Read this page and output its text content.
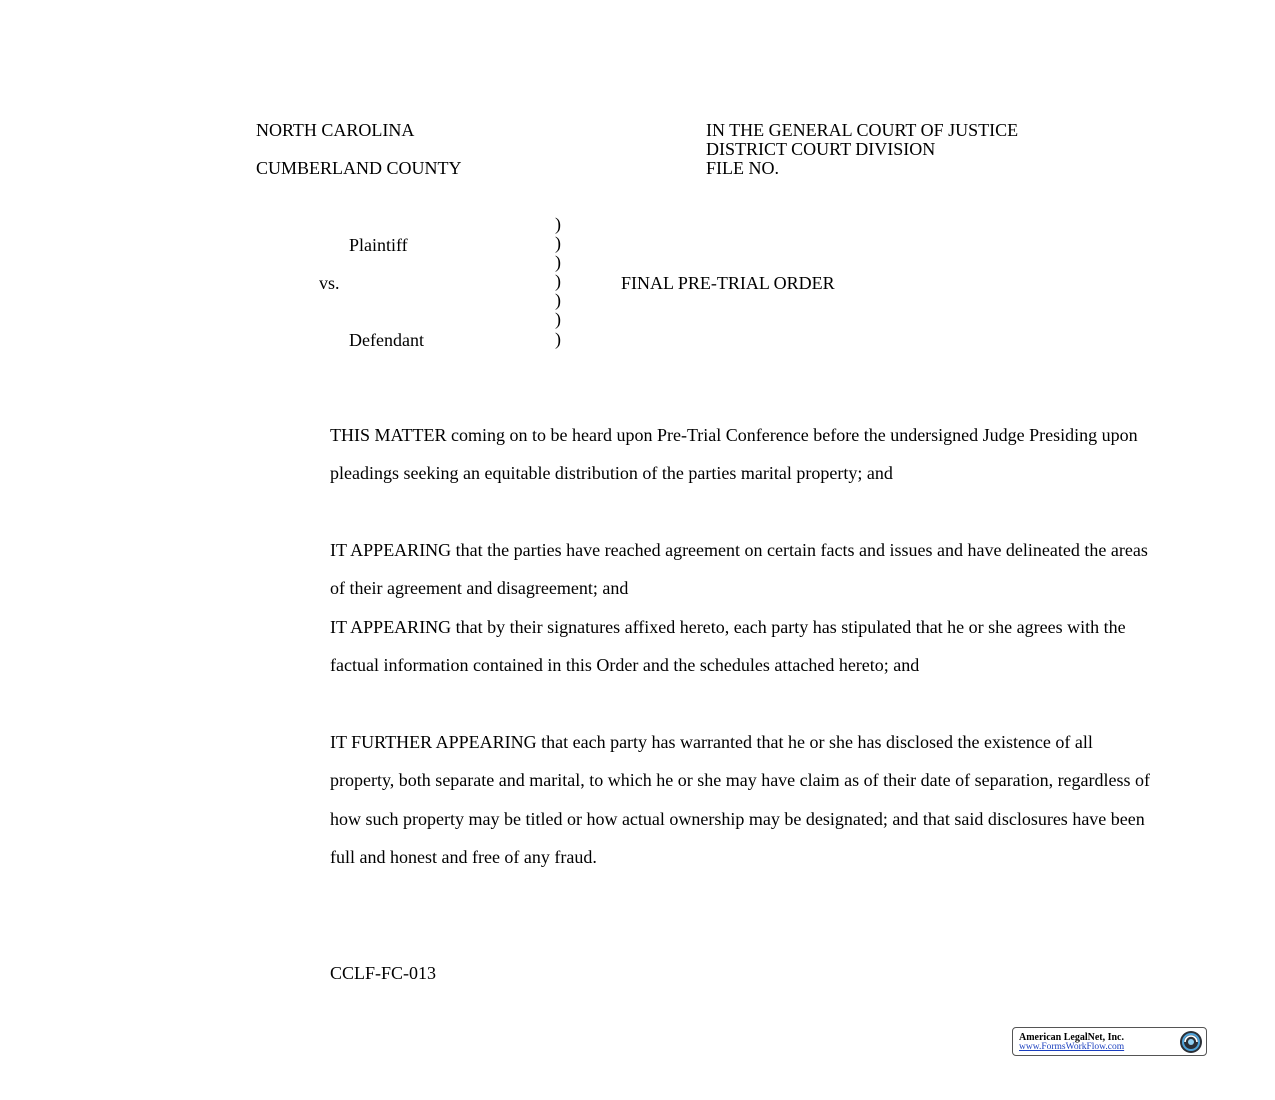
NORTH CAROLINA
CUMBERLAND COUNTY
IN THE GENERAL COURT OF JUSTICE
DISTRICT COURT DIVISION
FILE NO.
Plaintiff
vs.
Defendant
)
)
)
)
)
)
)
FINAL PRE-TRIAL ORDER
THIS MATTER coming on to be heard upon Pre-Trial Conference before the undersigned Judge Presiding upon pleadings seeking an equitable distribution of the parties marital property; and
IT APPEARING that the parties have reached agreement on certain facts and issues and have delineated the areas of their agreement and disagreement; and
IT APPEARING that by their signatures affixed hereto, each party has stipulated that he or she agrees with the factual information contained in this Order and the schedules attached hereto; and
IT FURTHER APPEARING that each party has warranted that he or she has disclosed the existence of all property, both separate and marital, to which he or she may have claim as of their date of separation, regardless of how such property may be titled or how actual ownership may be designated; and that said disclosures have been full and honest and free of any fraud.
CCLF-FC-013
American LegalNet, Inc.
www.FormsWorkFlow.com
